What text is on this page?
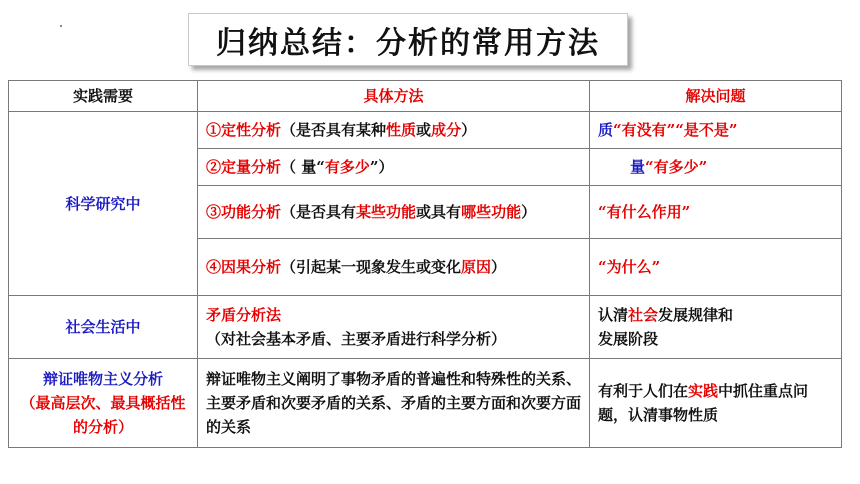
归纳总结：分析的常用方法
实践需要	具体方法	解决问题
科学研究中	①定性分析（是否具有某种性质或成分）	质“有没有”“是不是”
	②定量分析（ 量“有多少”）	量“有多少”
	③功能分析（是否具有某些功能或具有哪些功能）	“有什么作用”
	④因果分析（引起某一现象发生或变化原因）	“为什么”
社会生活中	矛盾分析法（对社会基本矛盾、主要矛盾进行科学分析）	认清社会发展规律和
发展阶段
辩证唯物主义分析
（最高层次、最具概括性的分析）	辩证唯物主义阐明了事物矛盾的普遍性和特殊性的关系、主要矛盾和次要矛盾的关系、矛盾的主要方面和次要方面的关系	有利于人们在实践中抓住重点问题，认清事物性质
